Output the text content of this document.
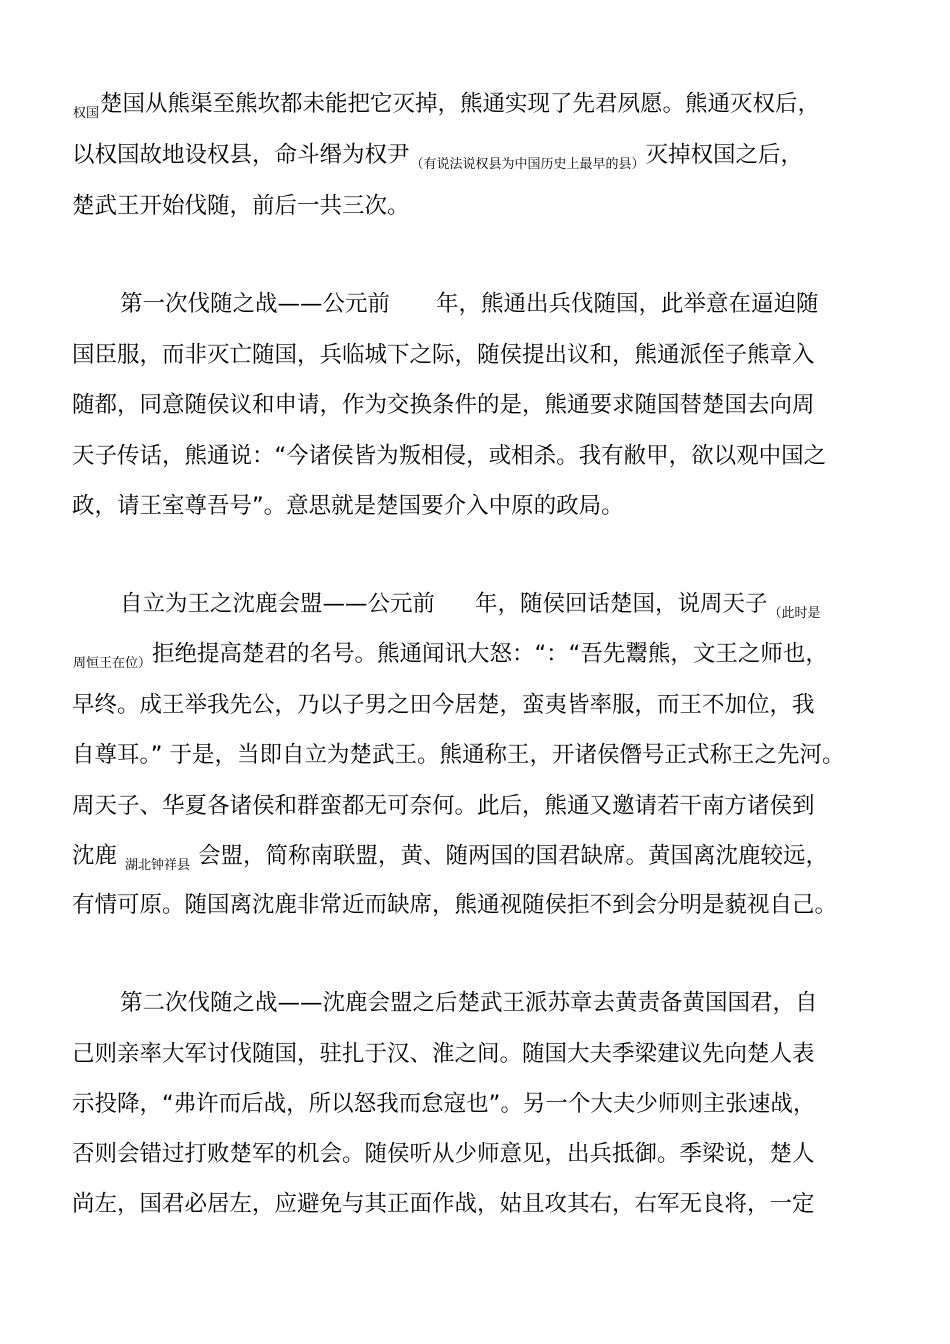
$_{权国}$楚国从熊渠至熊坎都未能把它灭掉，熊通实现了先君夙愿。熊通灭权后，
以权国故地设权县，命斗缗为权尹$_{(有说法说权县为中国历史上最早的县)}$灭掉权国之后，
楚武王开始伐随，前后一共三次。
第一次伐随之战——公元前 年，熊通出兵伐随国，此举意在逼迫随
国臣服，而非灭亡随国，兵临城下之际，随侯提出议和，熊通派侄子熊章入
随都，同意随侯议和申请，作为交换条件的是，熊通要求随国替楚国去向周
天子传话，熊通说：“今诸侯皆为叛相侵，或相杀。我有敝甲，欲以观中国之
政，请王室尊吾号”。意思就是楚国要介入中原的政局。
自立为王之沈鹿会盟——公元前 年，随侯回话楚国，说周天子$_{(此时是}$
$_{周恒王在位)}$拒绝提高楚君的名号。熊通闻讯大怒：“：“吾先鬻熊，文王之师也，
早终。成王举我先公，乃以子男之田今居楚，蛮夷皆率服，而王不加位，我
自尊耳。” 于是，当即自立为楚武王。熊通称王，开诸侯僭号正式称王之先河。
周天子、华夏各诸侯和群蛮都无可奈何。此后，熊通又邀请若干南方诸侯到
沈鹿 $_{湖北钟祥县}$ 会盟，简称南联盟，黄、随两国的国君缺席。黄国离沈鹿较远，
有情可原。随国离沈鹿非常近而缺席，熊通视随侯拒不到会分明是藐视自己。
第二次伐随之战——沈鹿会盟之后楚武王派苏章去黄责备黄国国君，自
己则亲率大军讨伐随国，驻扎于汉、淮之间。随国大夫季梁建议先向楚人表
示投降，“弗许而后战，所以怒我而怠寇也”。另一个大夫少师则主张速战，
否则会错过打败楚军的机会。随侯听从少师意见，出兵抵御。季梁说，楚人
尚左，国君必居左，应避免与其正面作战，姑且攻其右，右军无良将，一定
